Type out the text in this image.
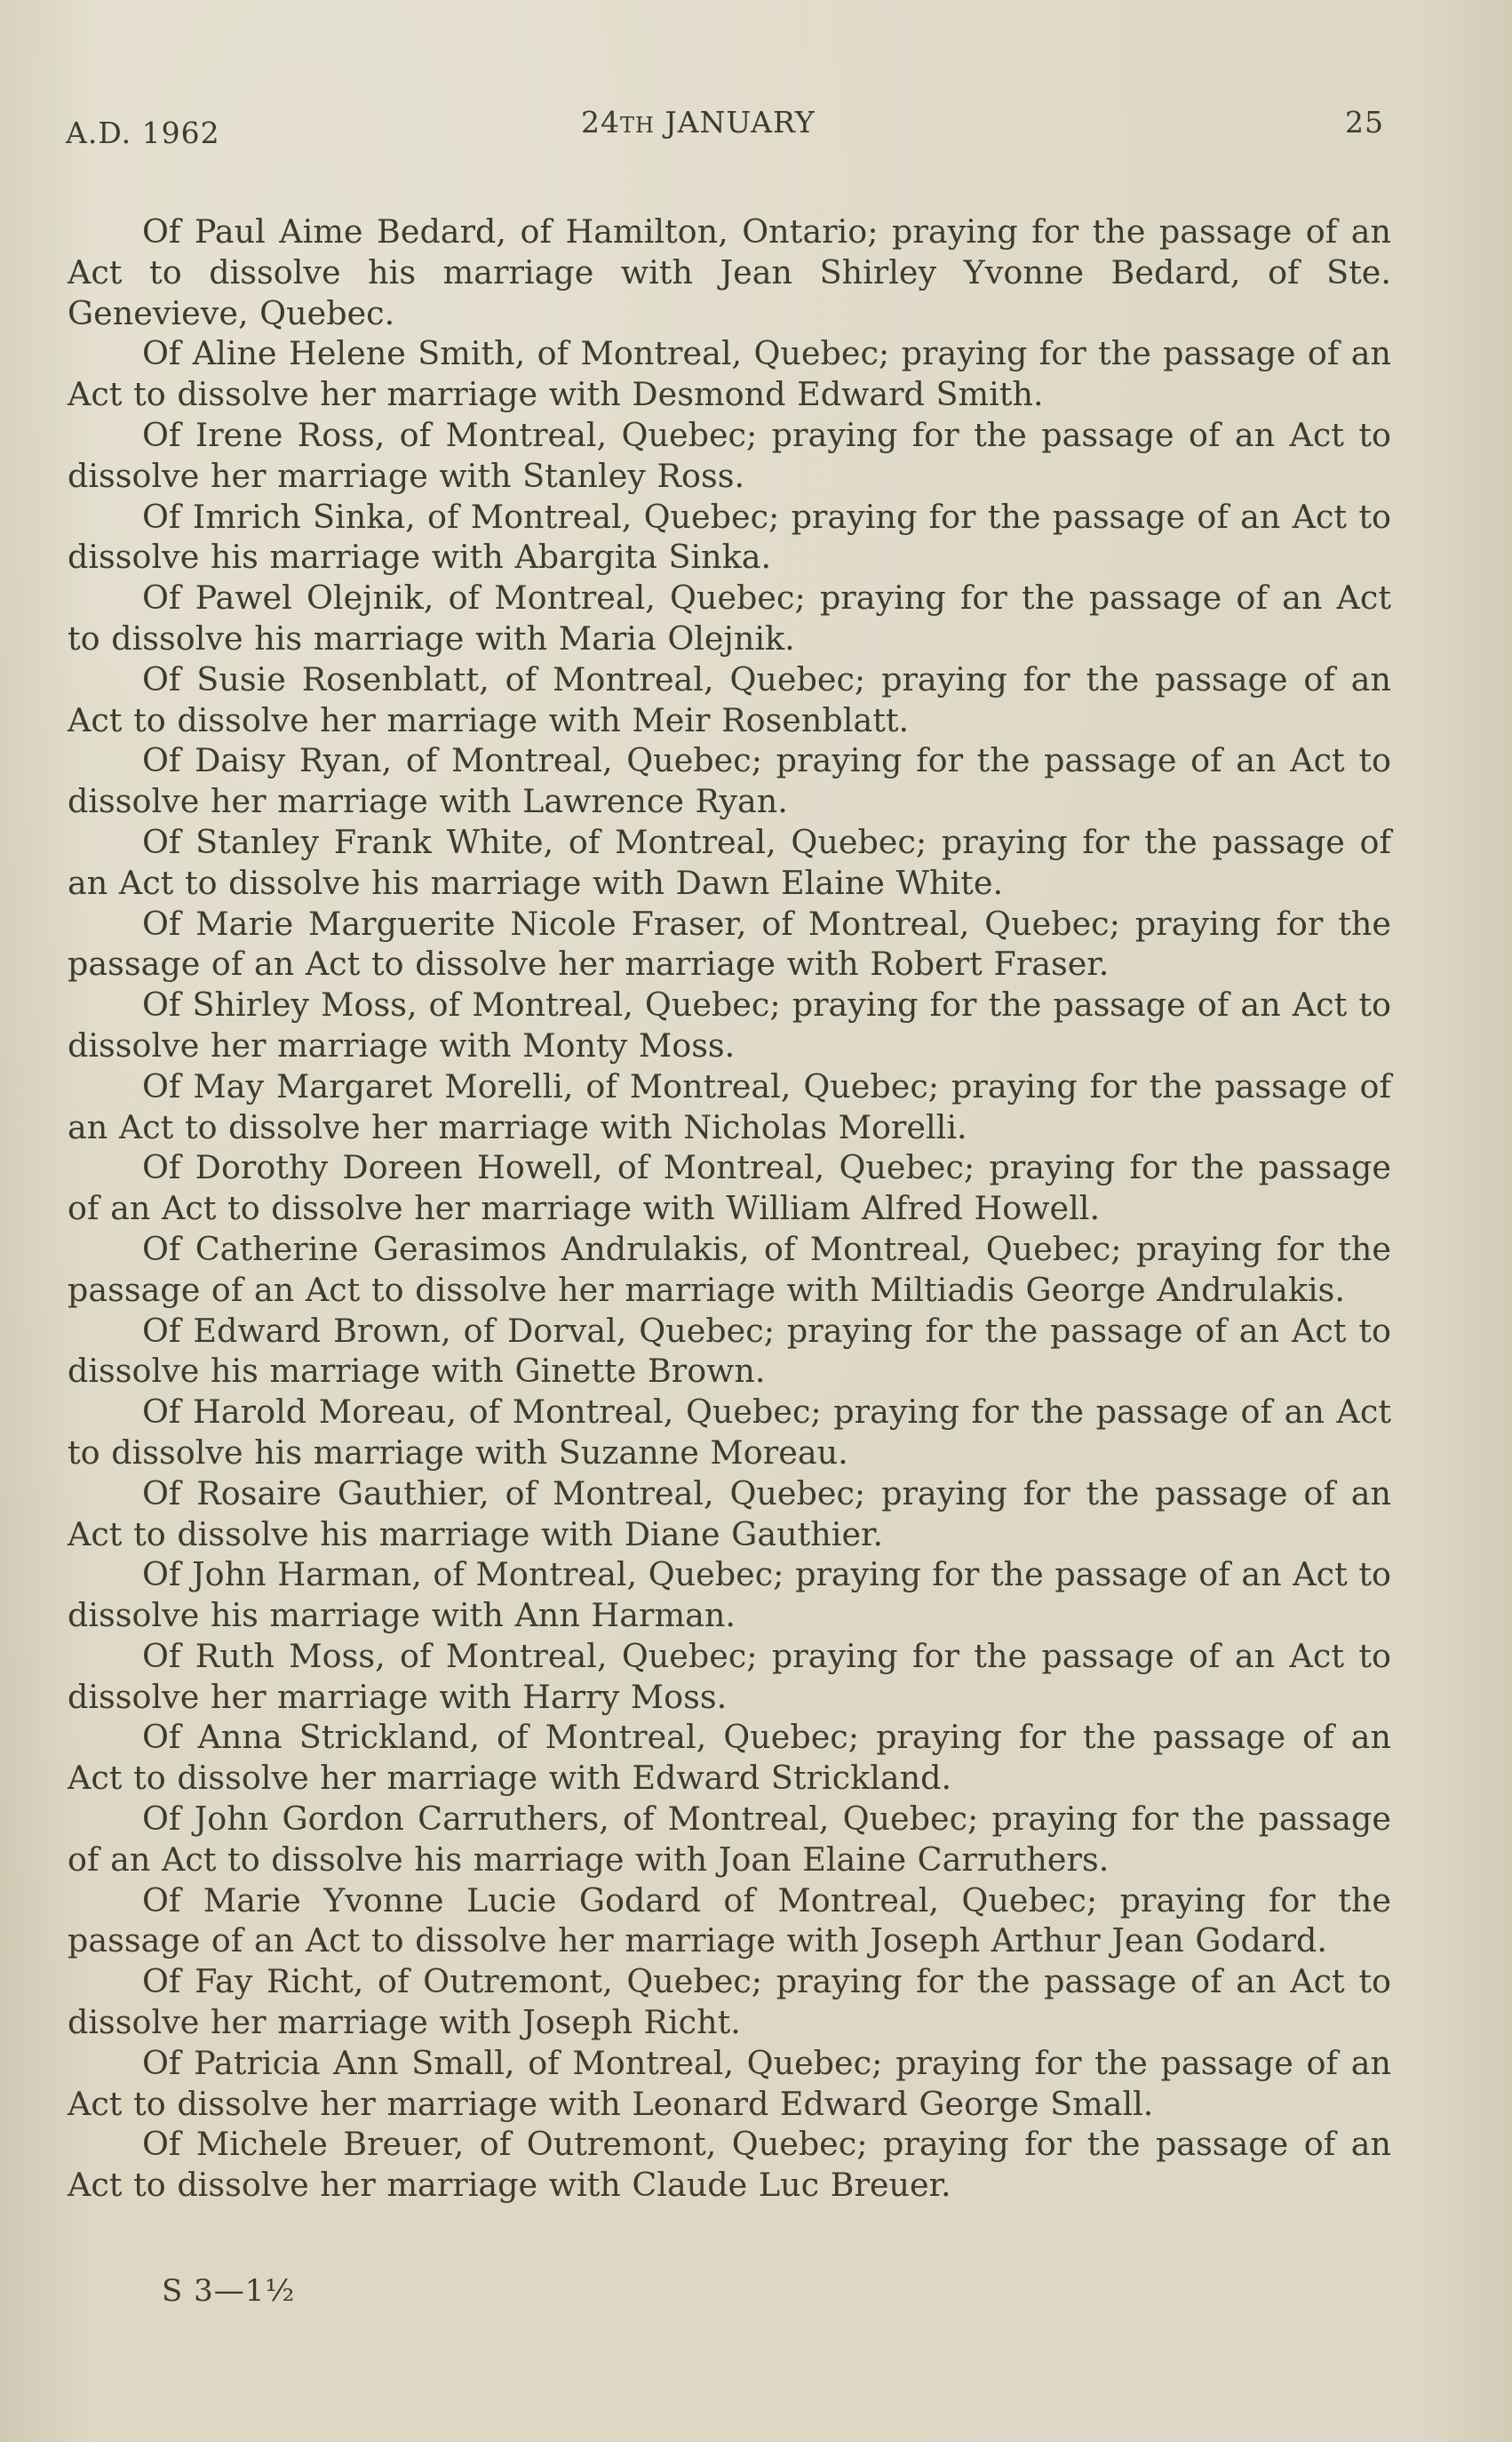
A.D. 1962	24TH JANUARY	25

Of Paul Aime Bedard, of Hamilton, Ontario; praying for the passage of an Act to dissolve his marriage with Jean Shirley Yvonne Bedard, of Ste. Genevieve, Quebec.

Of Aline Helene Smith, of Montreal, Quebec; praying for the passage of an Act to dissolve her marriage with Desmond Edward Smith.

Of Irene Ross, of Montreal, Quebec; praying for the passage of an Act to dissolve her marriage with Stanley Ross.

Of Imrich Sinka, of Montreal, Quebec; praying for the passage of an Act to dissolve his marriage with Abargita Sinka.

Of Pawel Olejnik, of Montreal, Quebec; praying for the passage of an Act to dissolve his marriage with Maria Olejnik.

Of Susie Rosenblatt, of Montreal, Quebec; praying for the passage of an Act to dissolve her marriage with Meir Rosenblatt.

Of Daisy Ryan, of Montreal, Quebec; praying for the passage of an Act to dissolve her marriage with Lawrence Ryan.

Of Stanley Frank White, of Montreal, Quebec; praying for the passage of an Act to dissolve his marriage with Dawn Elaine White.

Of Marie Marguerite Nicole Fraser, of Montreal, Quebec; praying for the passage of an Act to dissolve her marriage with Robert Fraser.

Of Shirley Moss, of Montreal, Quebec; praying for the passage of an Act to dissolve her marriage with Monty Moss.

Of May Margaret Morelli, of Montreal, Quebec; praying for the passage of an Act to dissolve her marriage with Nicholas Morelli.

Of Dorothy Doreen Howell, of Montreal, Quebec; praying for the passage of an Act to dissolve her marriage with William Alfred Howell.

Of Catherine Gerasimos Andrulakis, of Montreal, Quebec; praying for the passage of an Act to dissolve her marriage with Miltiadis George Andrulakis.

Of Edward Brown, of Dorval, Quebec; praying for the passage of an Act to dissolve his marriage with Ginette Brown.

Of Harold Moreau, of Montreal, Quebec; praying for the passage of an Act to dissolve his marriage with Suzanne Moreau.

Of Rosaire Gauthier, of Montreal, Quebec; praying for the passage of an Act to dissolve his marriage with Diane Gauthier.

Of John Harman, of Montreal, Quebec; praying for the passage of an Act to dissolve his marriage with Ann Harman.

Of Ruth Moss, of Montreal, Quebec; praying for the passage of an Act to dissolve her marriage with Harry Moss.

Of Anna Strickland, of Montreal, Quebec; praying for the passage of an Act to dissolve her marriage with Edward Strickland.

Of John Gordon Carruthers, of Montreal, Quebec; praying for the passage of an Act to dissolve his marriage with Joan Elaine Carruthers.

Of Marie Yvonne Lucie Godard of Montreal, Quebec; praying for the passage of an Act to dissolve her marriage with Joseph Arthur Jean Godard.

Of Fay Richt, of Outremont, Quebec; praying for the passage of an Act to dissolve her marriage with Joseph Richt.

Of Patricia Ann Small, of Montreal, Quebec; praying for the passage of an Act to dissolve her marriage with Leonard Edward George Small.

Of Michele Breuer, of Outremont, Quebec; praying for the passage of an Act to dissolve her marriage with Claude Luc Breuer.

S 3—1½
